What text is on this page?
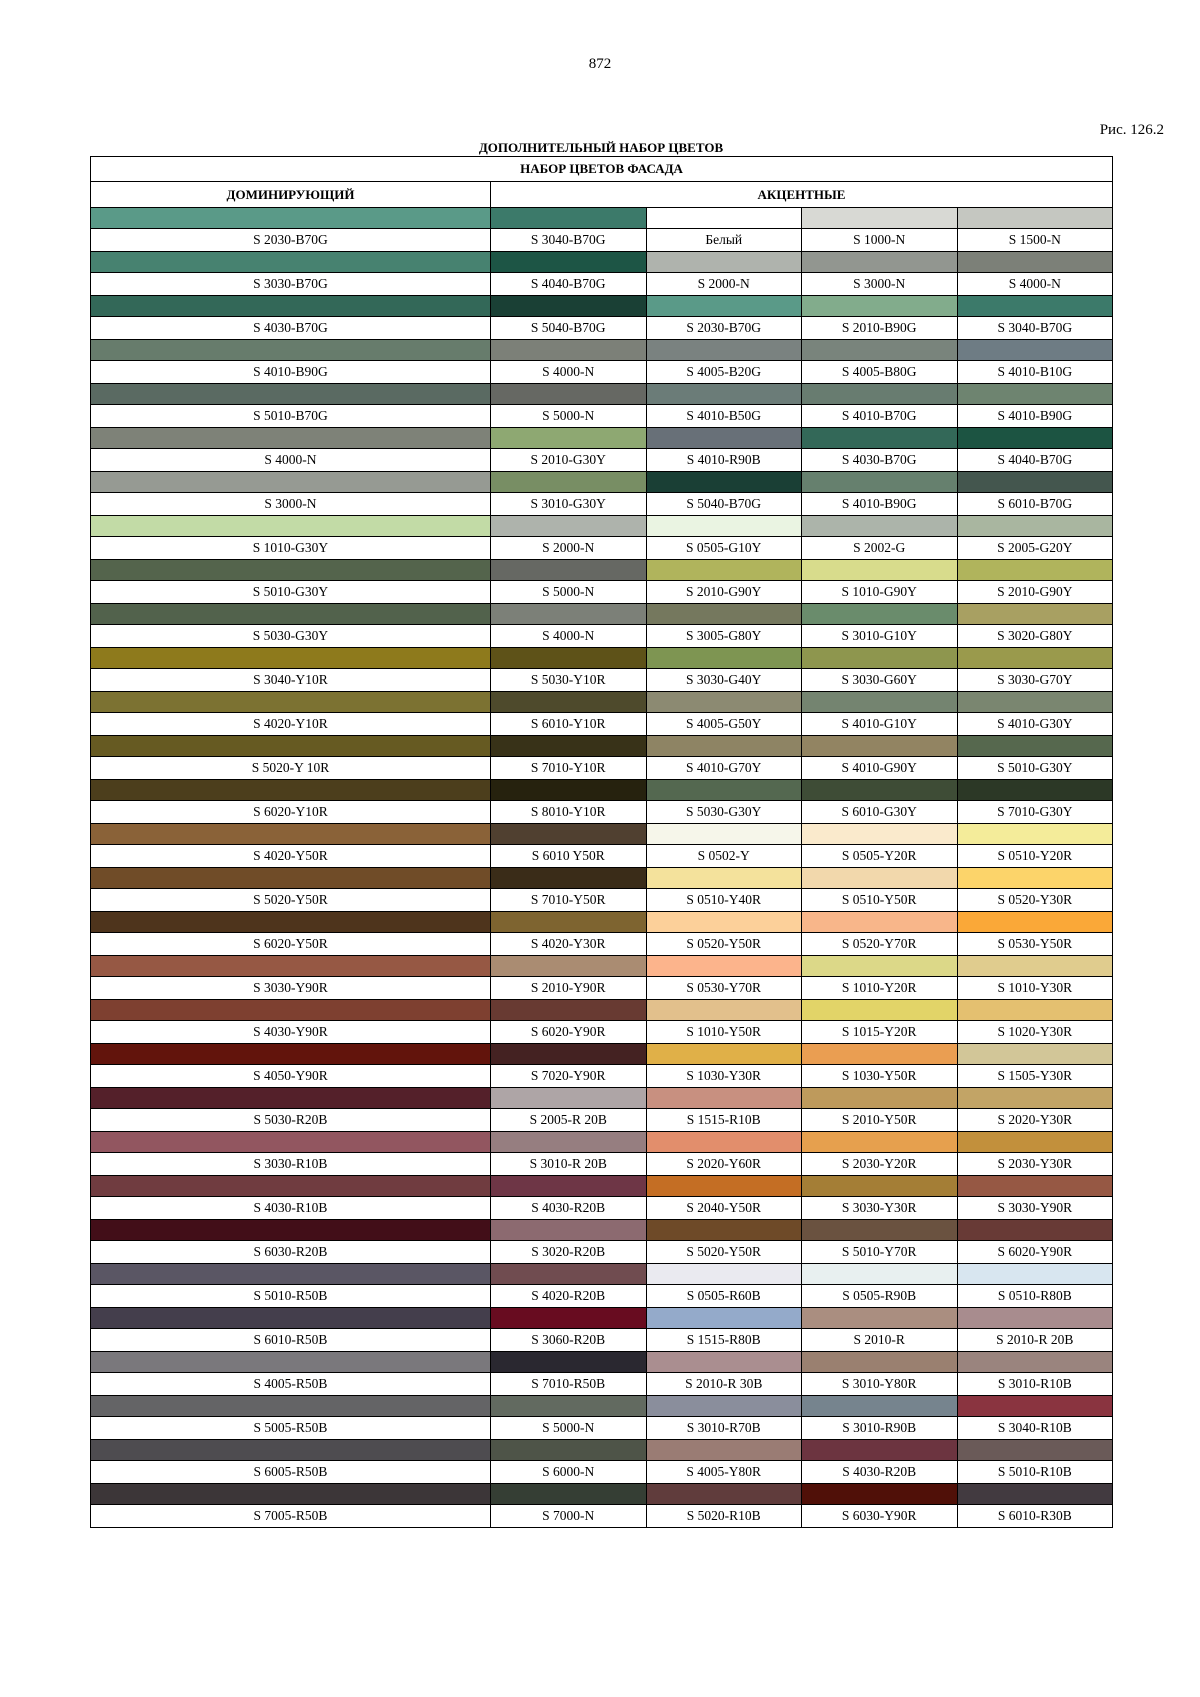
872
Рис. 126.2
ДОПОЛНИТЕЛЬНЫЙ НАБОР ЦВЕТОВ
НАБОР ЦВЕТОВ ФАСАДА				
ДОМИНИРУЮЩИЙ	АКЦЕНТНЫЕ			

S 2030-B70G	S 3040-B70G	Белый	S 1000-N	S 1500-N

S 3030-B70G	S 4040-B70G	S 2000-N	S 3000-N	S 4000-N

S 4030-B70G	S 5040-B70G	S 2030-B70G	S 2010-B90G	S 3040-B70G

S 4010-B90G	S 4000-N	S 4005-B20G	S 4005-B80G	S 4010-B10G

S 5010-B70G	S 5000-N	S 4010-B50G	S 4010-B70G	S 4010-B90G

S 4000-N	S 2010-G30Y	S 4010-R90B	S 4030-B70G	S 4040-B70G

S 3000-N	S 3010-G30Y	S 5040-B70G	S 4010-B90G	S 6010-B70G

S 1010-G30Y	S 2000-N	S 0505-G10Y	S 2002-G	S 2005-G20Y

S 5010-G30Y	S 5000-N	S 2010-G90Y	S 1010-G90Y	S 2010-G90Y

S 5030-G30Y	S 4000-N	S 3005-G80Y	S 3010-G10Y	S 3020-G80Y

S 3040-Y10R	S 5030-Y10R	S 3030-G40Y	S 3030-G60Y	S 3030-G70Y

S 4020-Y10R	S 6010-Y10R	S 4005-G50Y	S 4010-G10Y	S 4010-G30Y

S 5020-Y 10R	S 7010-Y10R	S 4010-G70Y	S 4010-G90Y	S 5010-G30Y

S 6020-Y10R	S 8010-Y10R	S 5030-G30Y	S 6010-G30Y	S 7010-G30Y

S 4020-Y50R	S 6010 Y50R	S 0502-Y	S 0505-Y20R	S 0510-Y20R

S 5020-Y50R	S 7010-Y50R	S 0510-Y40R	S 0510-Y50R	S 0520-Y30R

S 6020-Y50R	S 4020-Y30R	S 0520-Y50R	S 0520-Y70R	S 0530-Y50R

S 3030-Y90R	S 2010-Y90R	S 0530-Y70R	S 1010-Y20R	S 1010-Y30R

S 4030-Y90R	S 6020-Y90R	S 1010-Y50R	S 1015-Y20R	S 1020-Y30R

S 4050-Y90R	S 7020-Y90R	S 1030-Y30R	S 1030-Y50R	S 1505-Y30R

S 5030-R20B	S 2005-R 20B	S 1515-R10B	S 2010-Y50R	S 2020-Y30R

S 3030-R10B	S 3010-R 20B	S 2020-Y60R	S 2030-Y20R	S 2030-Y30R

S 4030-R10B	S 4030-R20B	S 2040-Y50R	S 3030-Y30R	S 3030-Y90R

S 6030-R20B	S 3020-R20B	S 5020-Y50R	S 5010-Y70R	S 6020-Y90R

S 5010-R50B	S 4020-R20B	S 0505-R60B	S 0505-R90B	S 0510-R80B

S 6010-R50B	S 3060-R20B	S 1515-R80B	S 2010-R	S 2010-R 20B

S 4005-R50B	S 7010-R50B	S 2010-R 30B	S 3010-Y80R	S 3010-R10B

S 5005-R50B	S 5000-N	S 3010-R70B	S 3010-R90B	S 3040-R10B

S 6005-R50B	S 6000-N	S 4005-Y80R	S 4030-R20B	S 5010-R10B

S 7005-R50B	S 7000-N	S 5020-R10B	S 6030-Y90R	S 6010-R30B
